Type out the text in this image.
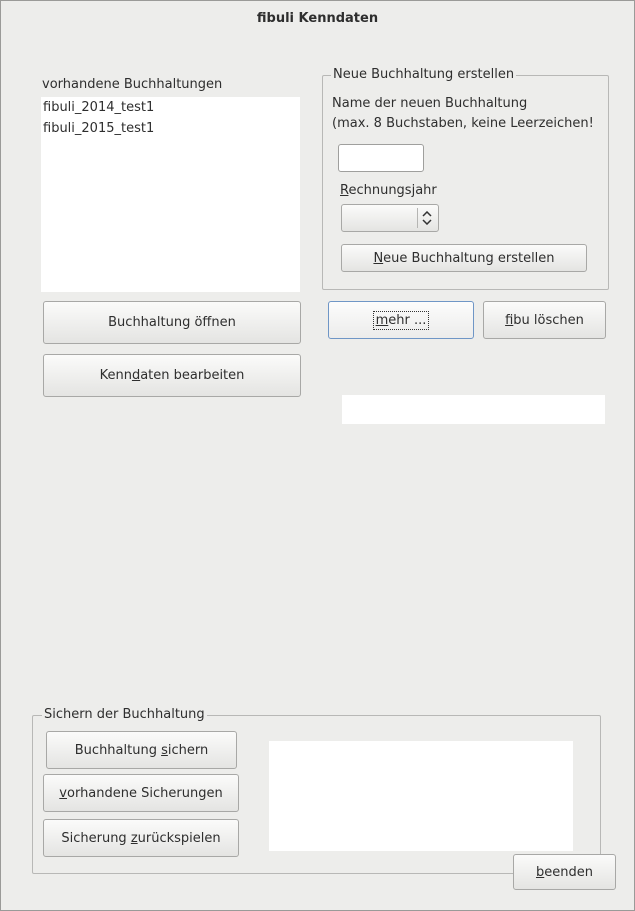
fibuli Kenndaten
vorhandene Buchhaltungen
fibuli_2014_test1
fibuli_2015_test1
Buchhaltung öffnen
Kenndaten bearbeiten
Neue Buchhaltung erstellen
Name der neuen Buchhaltung
(max. 8 Buchstaben, keine Leerzeichen!
Rechnungsjahr
Neue Buchhaltung erstellen
mehr ...	fibu löschen
Sichern der Buchhaltung
Buchhaltung sichern
vorhandene Sicherungen
Sicherung zurückspielen
beenden
